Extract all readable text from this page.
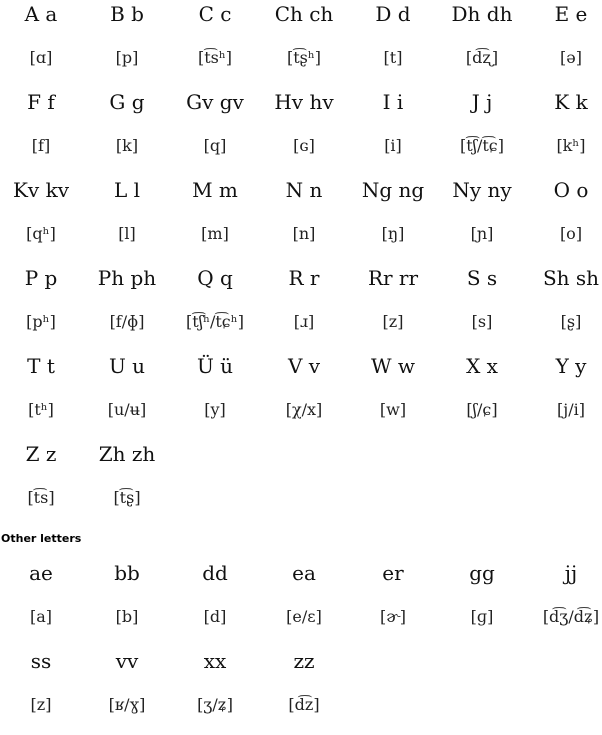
A a	B b	C c	Ch ch	D d	Dh dh	E e
[ɑ]	[p]	[t͡sʰ]	[t͡ʂʰ]	[t]	[d͡ʐ]	[ə]
F f	G g	Gv gv	Hv hv	I i	J j	K k
[f]	[k]	[q]	[ɢ]	[i]	[t͡ʃ/t͡ɕ]	[kʰ]
Kv kv	L l	M m	N n	Ng ng	Ny ny	O o
[qʰ]	[l]	[m]	[n]	[ŋ]	[ɲ]	[o]
P p	Ph ph	Q q	R r	Rr rr	S s	Sh sh
[pʰ]	[f/ɸ]	[t͡ʃʰ/t͡ɕʰ]	[ɹ]	[z]	[s]	[ʂ]
T t	U u	Ü ü	V v	W w	X x	Y y
[tʰ]	[u/ʉ]	[y]	[χ/x]	[w]	[ʃ/ɕ]	[j/i]
Z z	Zh zh
[t͡s]	[t͡ʂ]
Other letters
ae	bb	dd	ea	er	gg	jj
[a]	[b]	[d]	[e/ɛ]	[ɚ]	[ɡ]	[d͡ʒ/d͡ʑ]
ss	vv	xx	zz
[z]	[ʁ/ɣ]	[ʒ/ʑ]	[d͡z]
